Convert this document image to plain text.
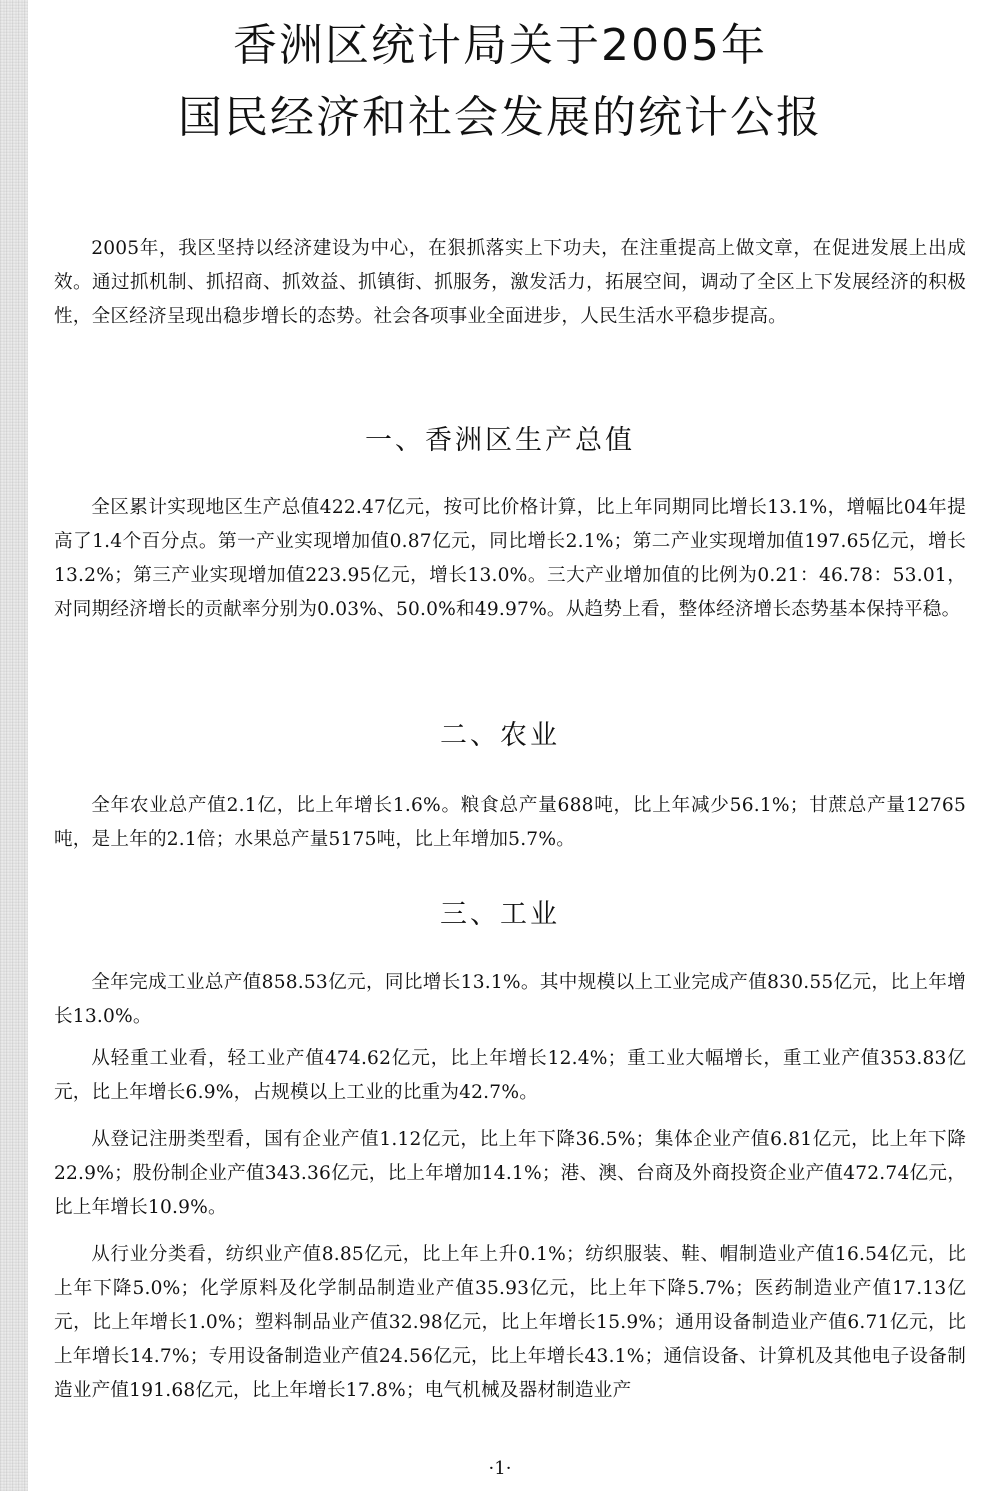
香洲区统计局关于2005年
国民经济和社会发展的统计公报

2005年，我区坚持以经济建设为中心，在狠抓落实上下功夫，在注重提高上做文章，在促进发展上出成效。通过抓机制、抓招商、抓效益、抓镇街、抓服务，激发活力，拓展空间，调动了全区上下发展经济的积极性，全区经济呈现出稳步增长的态势。社会各项事业全面进步，人民生活水平稳步提高。

一、香洲区生产总值

全区累计实现地区生产总值422.47亿元，按可比价格计算，比上年同期同比增长13.1%，增幅比04年提高了1.4个百分点。第一产业实现增加值0.87亿元，同比增长2.1%；第二产业实现增加值197.65亿元，增长13.2%；第三产业实现增加值223.95亿元，增长13.0%。三大产业增加值的比例为0.21：46.78：53.01，对同期经济增长的贡献率分别为0.03%、50.0%和49.97%。从趋势上看，整体经济增长态势基本保持平稳。

二、农业

全年农业总产值2.1亿，比上年增长1.6%。粮食总产量688吨，比上年减少56.1%；甘蔗总产量12765吨，是上年的2.1倍；水果总产量5175吨，比上年增加5.7%。

三、工业

全年完成工业总产值858.53亿元，同比增长13.1%。其中规模以上工业完成产值830.55亿元，比上年增长13.0%。

从轻重工业看，轻工业产值474.62亿元，比上年增长12.4%；重工业大幅增长，重工业产值353.83亿元，比上年增长6.9%，占规模以上工业的比重为42.7%。

从登记注册类型看，国有企业产值1.12亿元，比上年下降36.5%；集体企业产值6.81亿元，比上年下降22.9%；股份制企业产值343.36亿元，比上年增加14.1%；港、澳、台商及外商投资企业产值472.74亿元，比上年增长10.9%。

从行业分类看，纺织业产值8.85亿元，比上年上升0.1%；纺织服装、鞋、帽制造业产值16.54亿元，比上年下降5.0%；化学原料及化学制品制造业产值35.93亿元，比上年下降5.7%；医药制造业产值17.13亿元，比上年增长1.0%；塑料制品业产值32.98亿元，比上年增长15.9%；通用设备制造业产值6.71亿元，比上年增长14.7%；专用设备制造业产值24.56亿元，比上年增长43.1%；通信设备、计算机及其他电子设备制造业产值191.68亿元，比上年增长17.8%；电气机械及器材制造业产

·1·
